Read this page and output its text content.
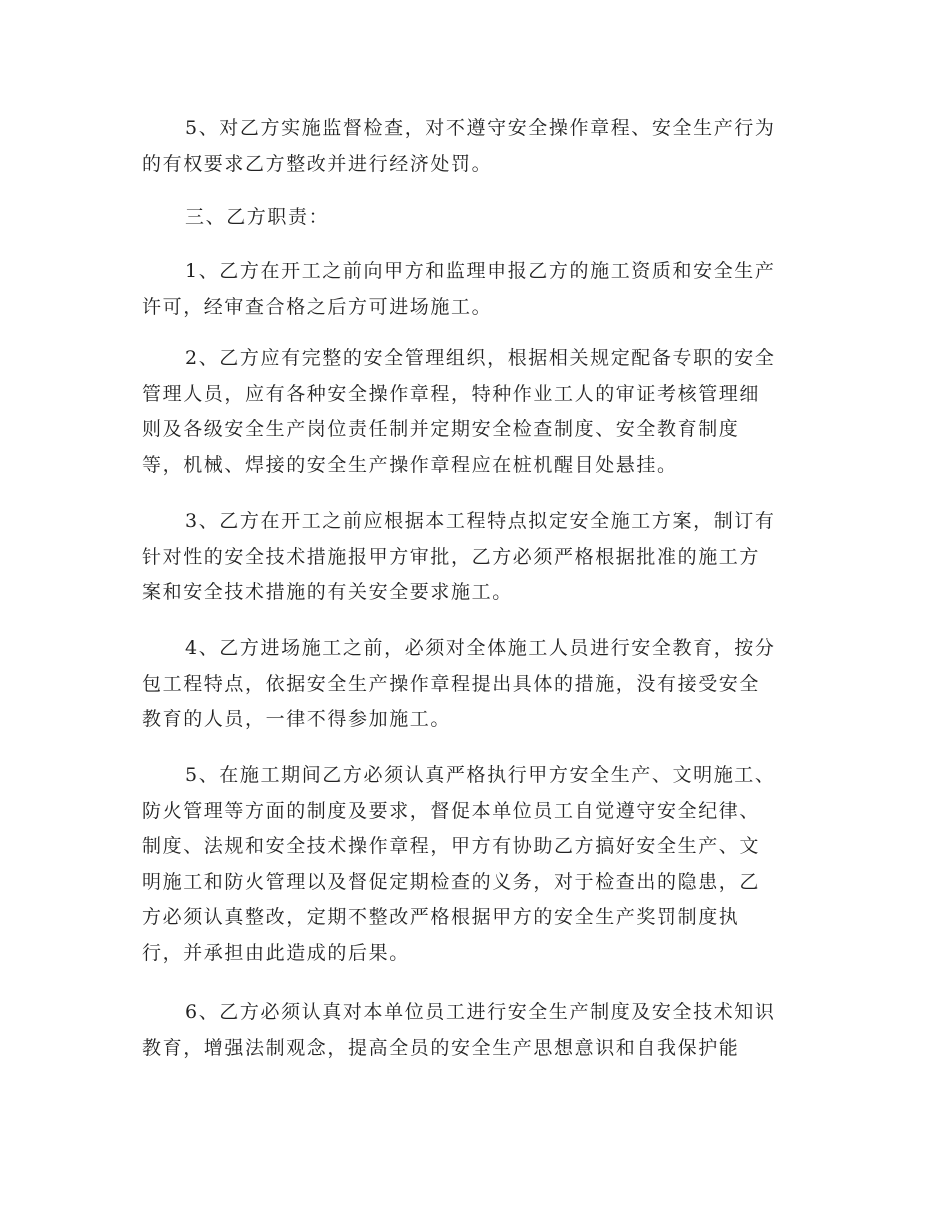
5、对乙方实施监督检查，对不遵守安全操作章程、安全生产行为
的有权要求乙方整改并进行经济处罚。

三、乙方职责：

1、乙方在开工之前向甲方和监理申报乙方的施工资质和安全生产
许可，经审查合格之后方可进场施工。

2、乙方应有完整的安全管理组织，根据相关规定配备专职的安全
管理人员，应有各种安全操作章程，特种作业工人的审证考核管理细
则及各级安全生产岗位责任制并定期安全检查制度、安全教育制度
等，机械、焊接的安全生产操作章程应在桩机醒目处悬挂。

3、乙方在开工之前应根据本工程特点拟定安全施工方案，制订有
针对性的安全技术措施报甲方审批，乙方必须严格根据批准的施工方
案和安全技术措施的有关安全要求施工。

4、乙方进场施工之前，必须对全体施工人员进行安全教育，按分
包工程特点，依据安全生产操作章程提出具体的措施，没有接受安全
教育的人员，一律不得参加施工。

5、在施工期间乙方必须认真严格执行甲方安全生产、文明施工、
防火管理等方面的制度及要求，督促本单位员工自觉遵守安全纪律、
制度、法规和安全技术操作章程，甲方有协助乙方搞好安全生产、文
明施工和防火管理以及督促定期检查的义务，对于检查出的隐患，乙
方必须认真整改，定期不整改严格根据甲方的安全生产奖罚制度执
行，并承担由此造成的后果。

6、乙方必须认真对本单位员工进行安全生产制度及安全技术知识
教育，增强法制观念，提高全员的安全生产思想意识和自我保护能
